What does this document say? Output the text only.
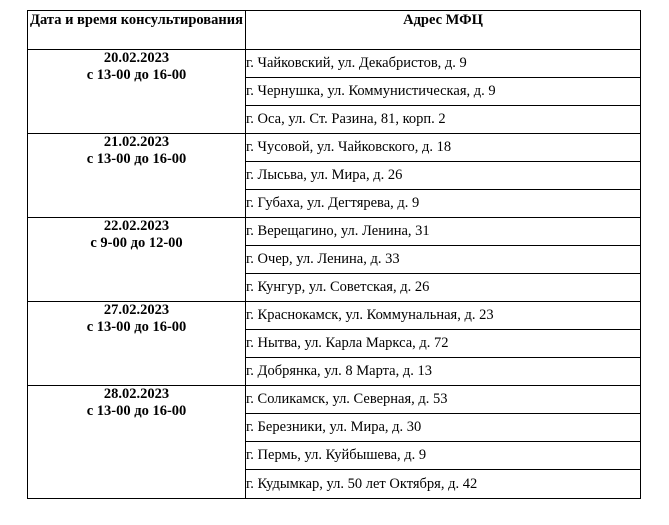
Дата и время консультирования	Адрес МФЦ

20.02.2023
с 13-00 до 16-00	г. Чайковский, ул. Декабристов, д. 9
	г. Чернушка, ул. Коммунистическая, д. 9
	г. Оса, ул. Ст. Разина, 81, корп. 2

21.02.2023
с 13-00 до 16-00	г. Чусовой, ул. Чайковского, д. 18
	г. Лысьва, ул. Мира, д. 26
	г. Губаха, ул. Дегтярева, д. 9

22.02.2023
с 9-00 до 12-00	г. Верещагино, ул. Ленина, 31
	г. Очер, ул. Ленина, д. 33
	г. Кунгур, ул. Советская, д. 26

27.02.2023
с 13-00 до 16-00	г. Краснокамск, ул. Коммунальная, д. 23
	г. Нытва, ул. Карла Маркса, д. 72
	г. Добрянка, ул. 8 Марта, д. 13

28.02.2023
с 13-00 до 16-00	г. Соликамск, ул. Северная, д. 53
	г. Березники, ул. Мира, д. 30
	г. Пермь, ул. Куйбышева, д. 9
	г. Кудымкар, ул. 50 лет Октября, д. 42
